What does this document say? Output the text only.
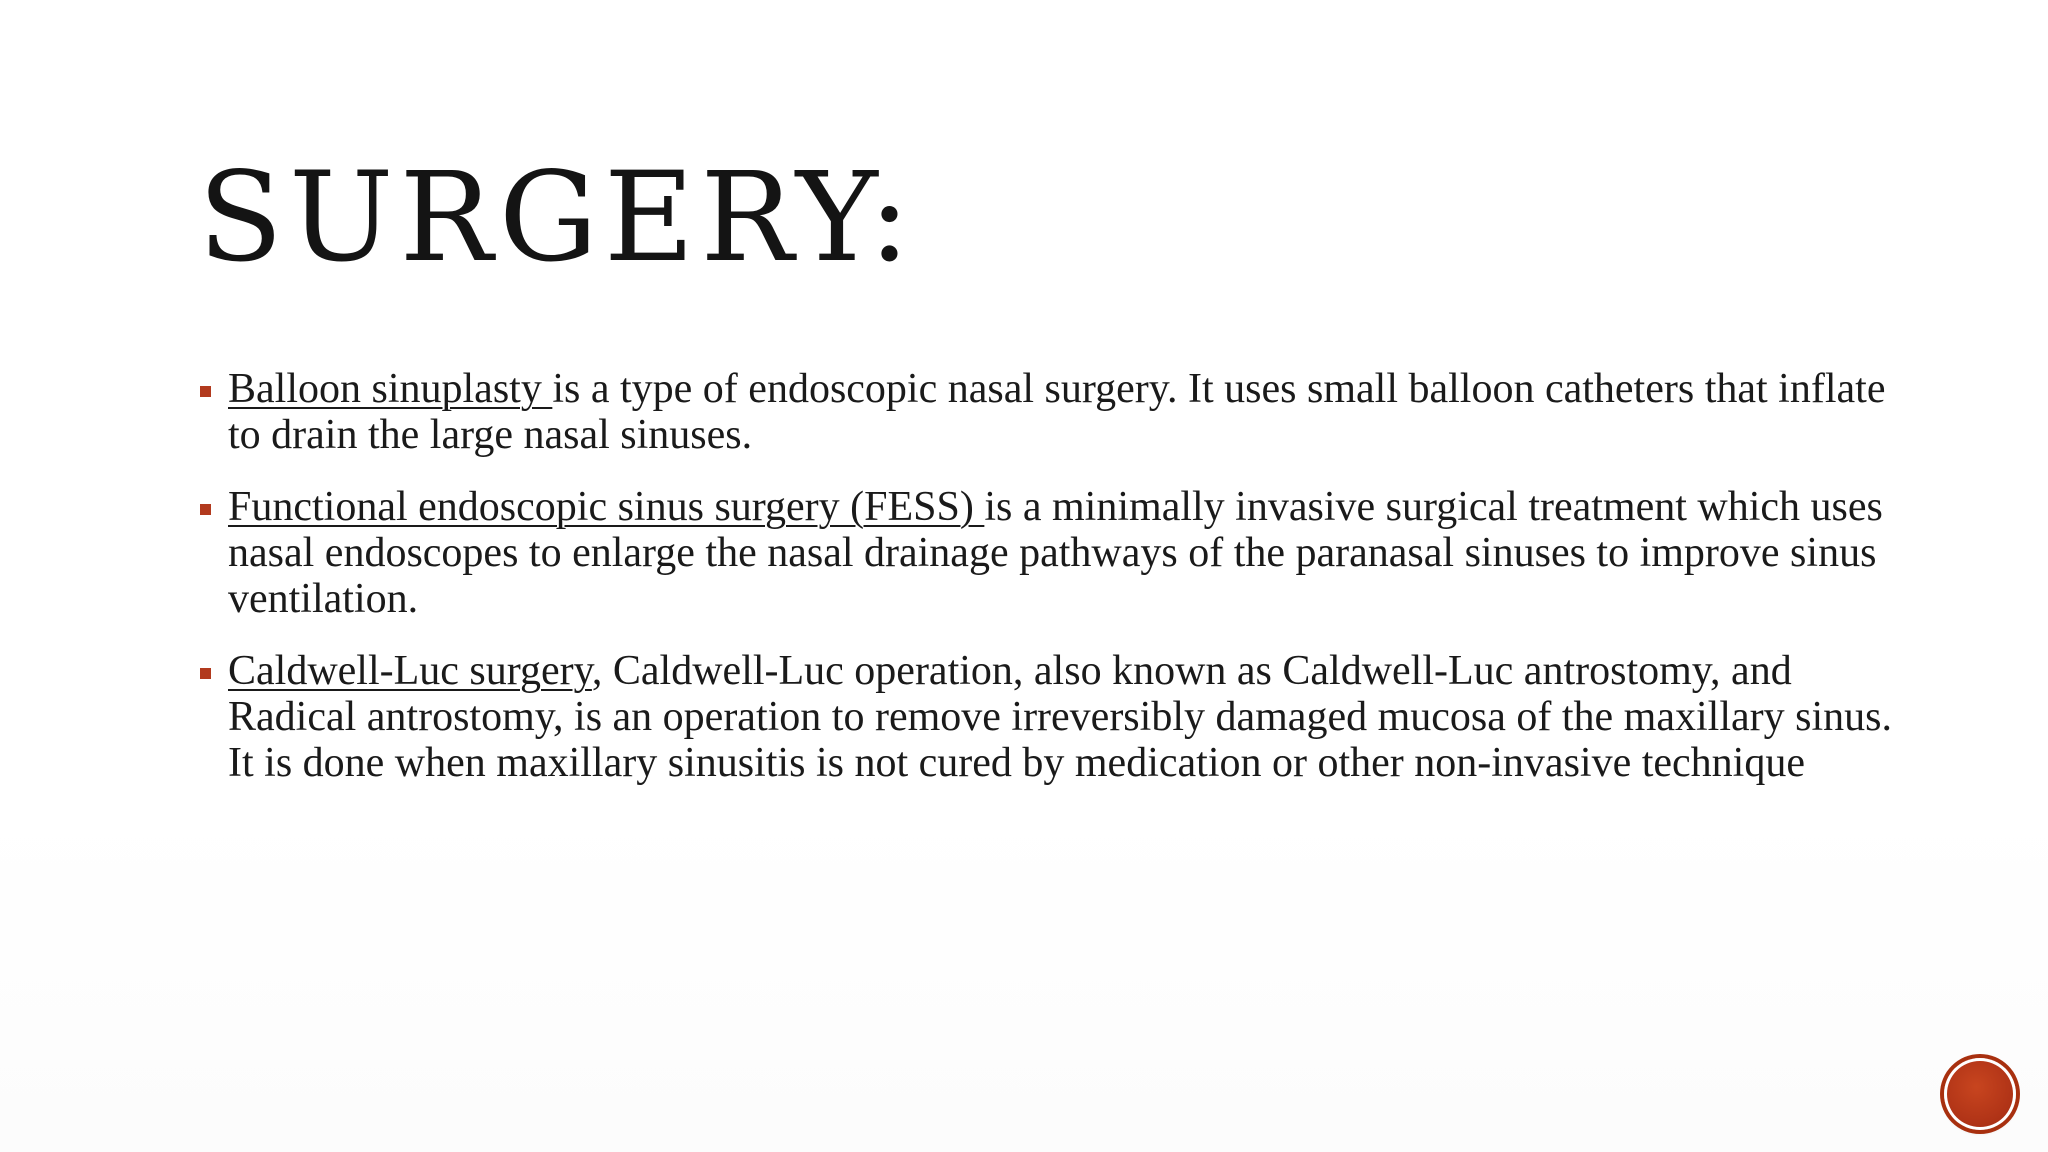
SURGERY:
Balloon sinuplasty is a type of endoscopic nasal surgery. It uses small balloon catheters that inflate to drain the large nasal sinuses.
Functional endoscopic sinus surgery (FESS) is a minimally invasive surgical treatment which uses nasal endoscopes to enlarge the nasal drainage pathways of the paranasal sinuses to improve sinus ventilation.
Caldwell-Luc surgery, Caldwell-Luc operation, also known as Caldwell-Luc antrostomy, and Radical antrostomy, is an operation to remove irreversibly damaged mucosa of the maxillary sinus. It is done when maxillary sinusitis is not cured by medication or other non-invasive technique
